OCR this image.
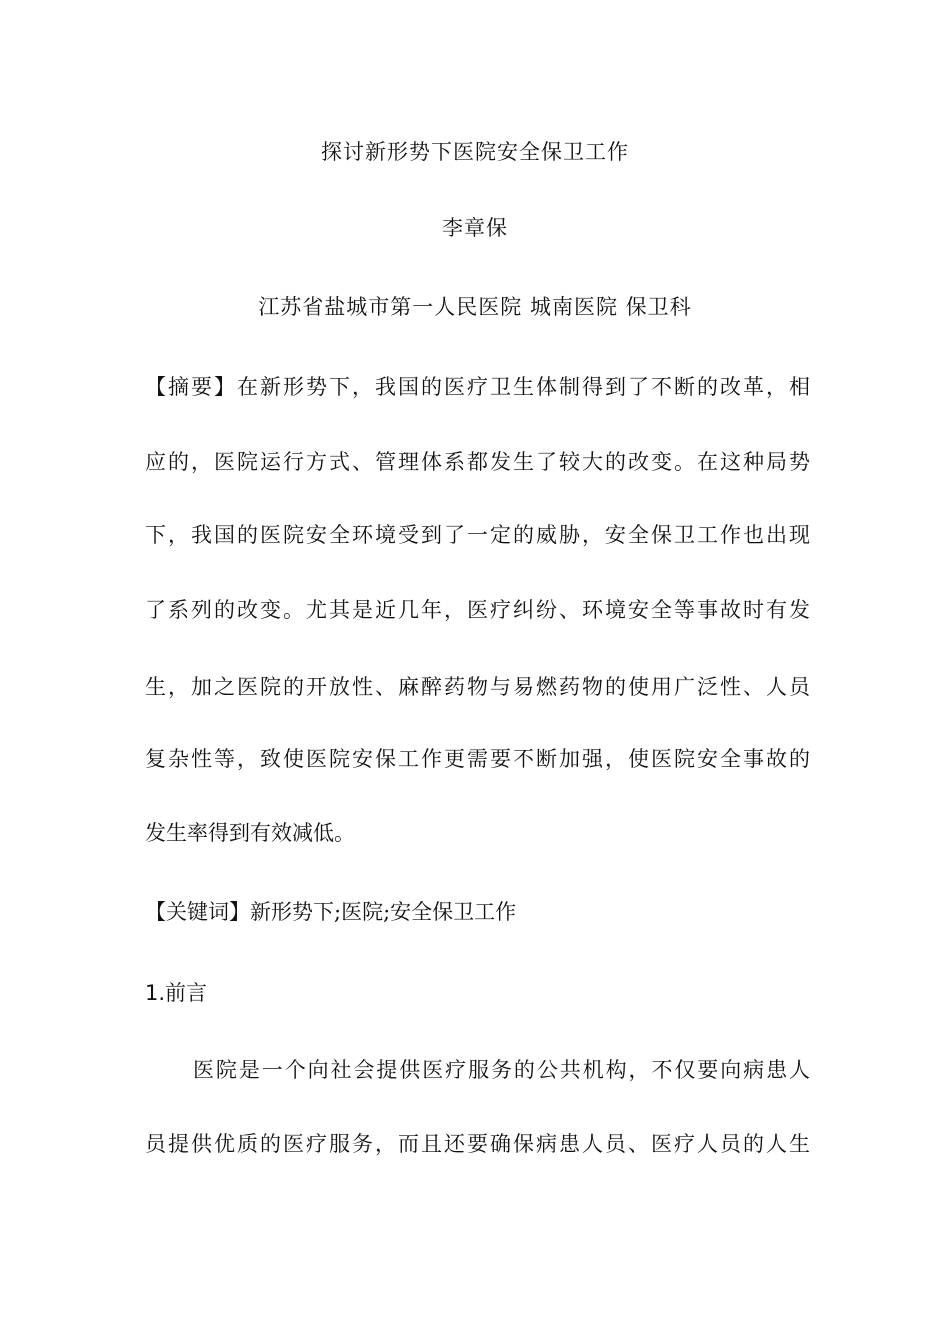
探讨新形势下医院安全保卫工作
李章保
江苏省盐城市第一人民医院 城南医院 保卫科
【摘要】在新形势下，我国的医疗卫生体制得到了不断的改革，相
应的，医院运行方式、管理体系都发生了较大的改变。在这种局势
下，我国的医院安全环境受到了一定的威胁，安全保卫工作也出现
了系列的改变。尤其是近几年，医疗纠纷、环境安全等事故时有发
生，加之医院的开放性、麻醉药物与易燃药物的使用广泛性、人员
复杂性等，致使医院安保工作更需要不断加强，使医院安全事故的
发生率得到有效减低。
【关键词】新形势下;医院;安全保卫工作
1.前言
医院是一个向社会提供医疗服务的公共机构，不仅要向病患人
员提供优质的医疗服务，而且还要确保病患人员、医疗人员的人生
